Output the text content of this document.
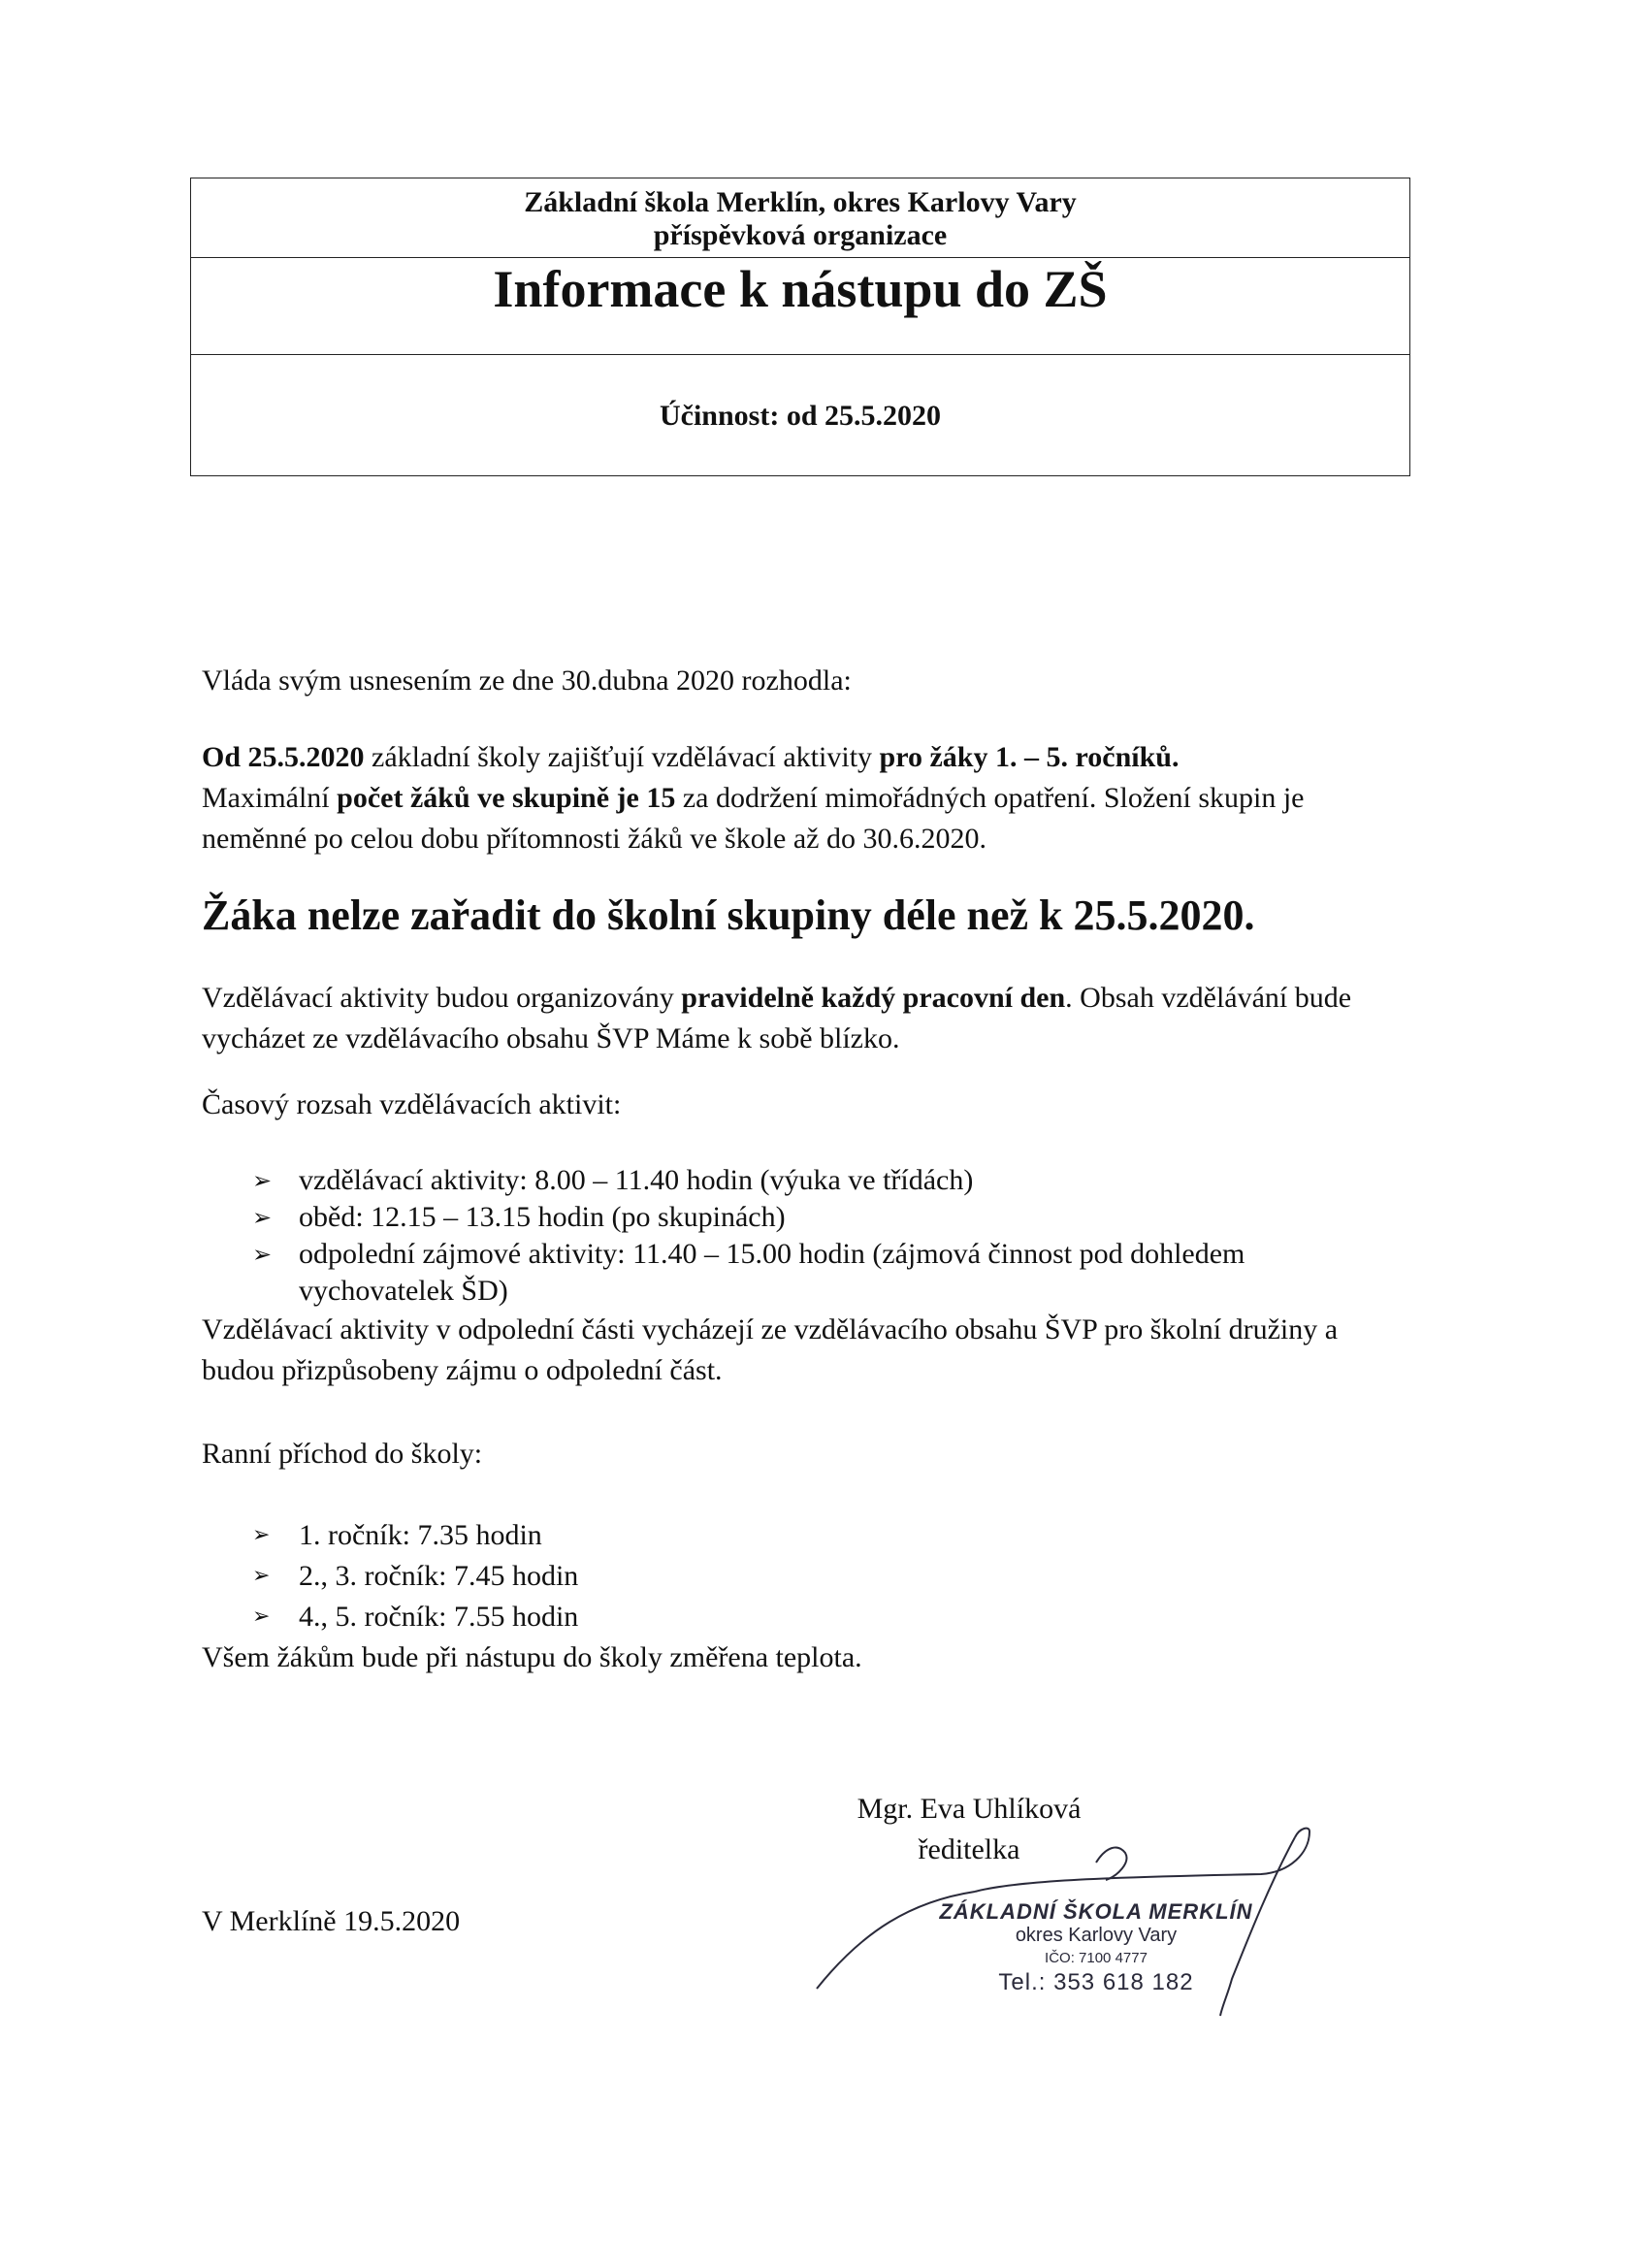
Základní škola Merklín, okres Karlovy Vary
příspěvková organizace
Informace k nástupu do ZŠ
Účinnost: od 25.5.2020
Vláda svým usnesením ze dne 30.dubna 2020 rozhodla:
Od 25.5.2020 základní školy zajišťují vzdělávací aktivity pro žáky 1. – 5. ročníků.
Maximální počet žáků ve skupině je 15 za dodržení mimořádných opatření. Složení skupin je neměnné po celou dobu přítomnosti žáků ve škole až do 30.6.2020.
Žáka nelze zařadit do školní skupiny déle než k 25.5.2020.
Vzdělávací aktivity budou organizovány pravidelně každý pracovní den. Obsah vzdělávání bude vycházet ze vzdělávacího obsahu ŠVP Máme k sobě blízko.
Časový rozsah vzdělávacích aktivit:
➢ vzdělávací aktivity: 8.00 – 11.40 hodin (výuka ve třídách)
➢ oběd: 12.15 – 13.15 hodin (po skupinách)
➢ odpolední zájmové aktivity: 11.40 – 15.00 hodin (zájmová činnost pod dohledem vychovatelek ŠD)
Vzdělávací aktivity v odpolední části vycházejí ze vzdělávacího obsahu ŠVP pro školní družiny a budou přizpůsobeny zájmu o odpolední část.
Ranní příchod do školy:
➢ 1. ročník: 7.35 hodin
➢ 2., 3. ročník: 7.45 hodin
➢ 4., 5. ročník: 7.55 hodin
Všem žákům bude při nástupu do školy změřena teplota.
Mgr. Eva Uhlíková
ředitelka
V Merklíně 19.5.2020	ZÁKLADNÍ ŠKOLA MERKLÍN
okres Karlovy Vary
IČO: 7100 4777
Tel.: 353 618 182
